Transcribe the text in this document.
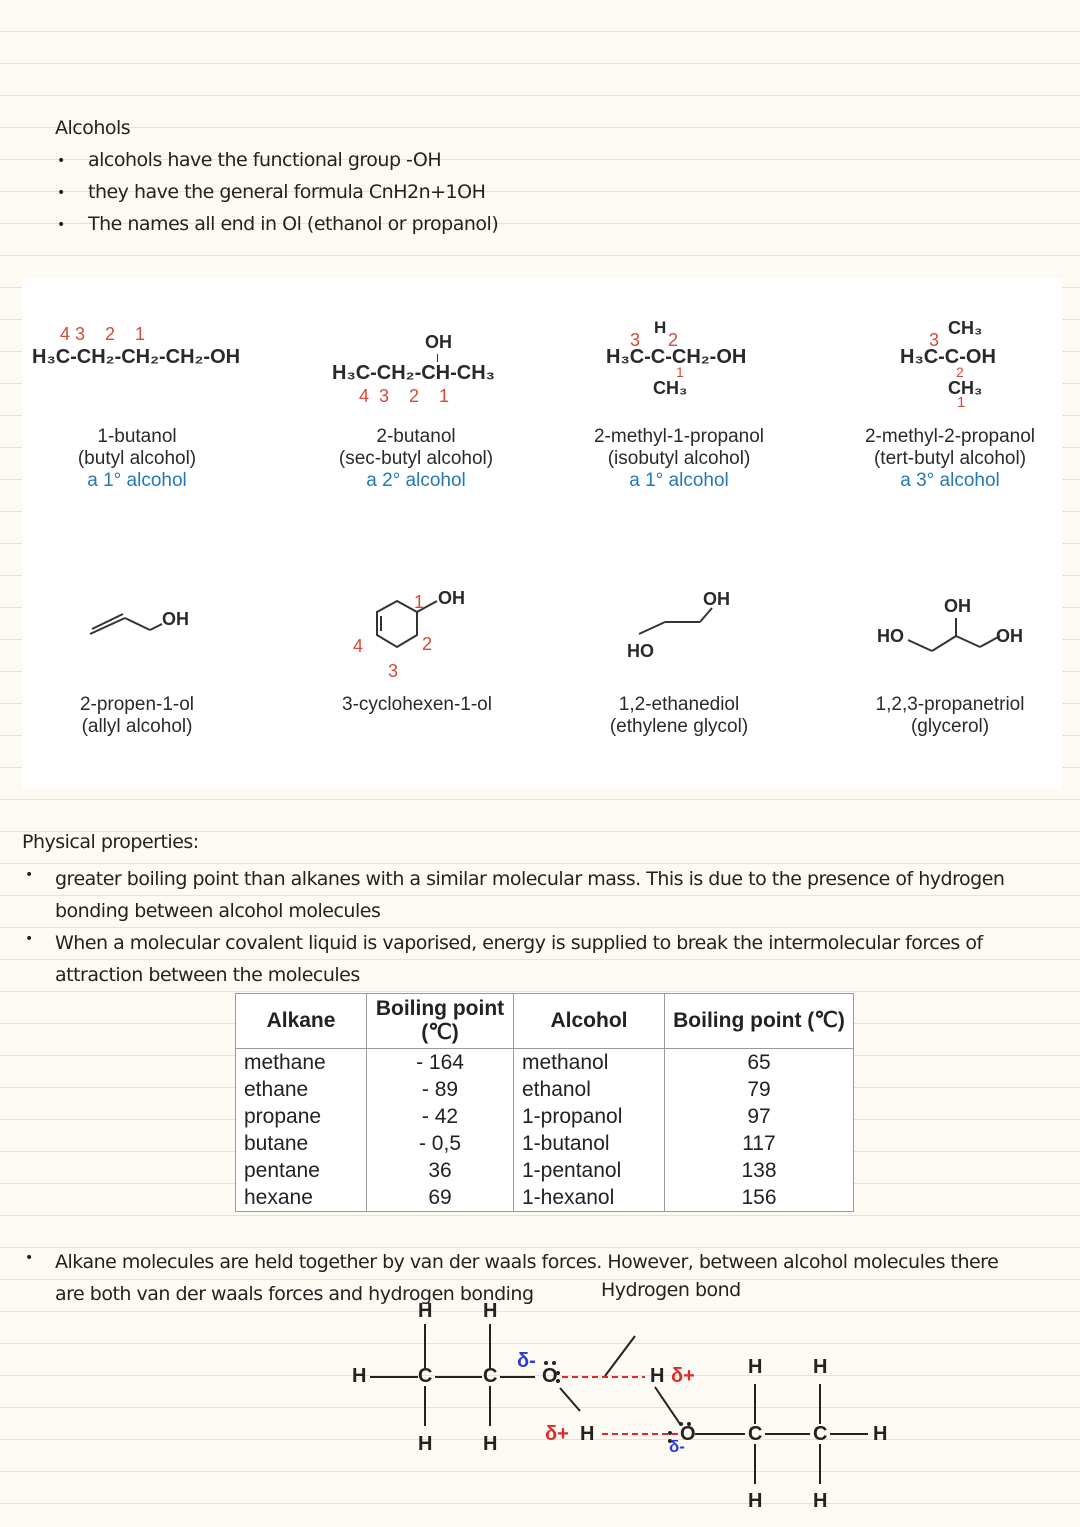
Alcohols
• alcohols have the functional group -OH
• they have the general formula CnH2n+1OH
• The names all end in Ol (ethanol or propanol)
4 3    2    1
H₃C-CH₂-CH₂-CH₂-OH
1-butanol
(butyl alcohol)
a 1° alcohol
OH
H₃C-CH₂-CH-CH₃
4  3    2    1
2-butanol
(sec-butyl alcohol)
a 2° alcohol
H
3 2
H₃C-C-CH₂-OH
1
CH₃
2-methyl-1-propanol
(isobutyl alcohol)
a 1° alcohol
CH₃
3
H₃C-C-OH
2
CH₃
1
2-methyl-2-propanol
(tert-butyl alcohol)
a 3° alcohol
OH
2-propen-1-ol
(allyl alcohol)
OH
1
2
3
4
3-cyclohexen-1-ol
OH
HO
1,2-ethanediol
(ethylene glycol)
OH
HO	OH
1,2,3-propanetriol
(glycerol)
Physical properties:
• greater boiling point than alkanes with a similar molecular mass. This is due to the presence of hydrogen bonding between alcohol molecules
• When a molecular covalent liquid is vaporised, energy is supplied to break the intermolecular forces of attraction between the molecules
Alkane	Boiling point (℃)	Alcohol	Boiling point (℃)
methane	- 164	methanol	65
ethane	- 89	ethanol	79
propane	- 42	1-propanol	97
butane	- 0,5	1-butanol	117
pentane	36	1-pentanol	138
hexane	69	1-hexanol	156
• Alkane molecules are held together by van der waals forces. However, between alcohol molecules there are both van der waals forces and hydrogen bonding	Hydrogen bond
H	H
H	C	C
δ-
O	H δ+
H	H
H	H
δ+ H	O
δ-
C	C H
H	H
